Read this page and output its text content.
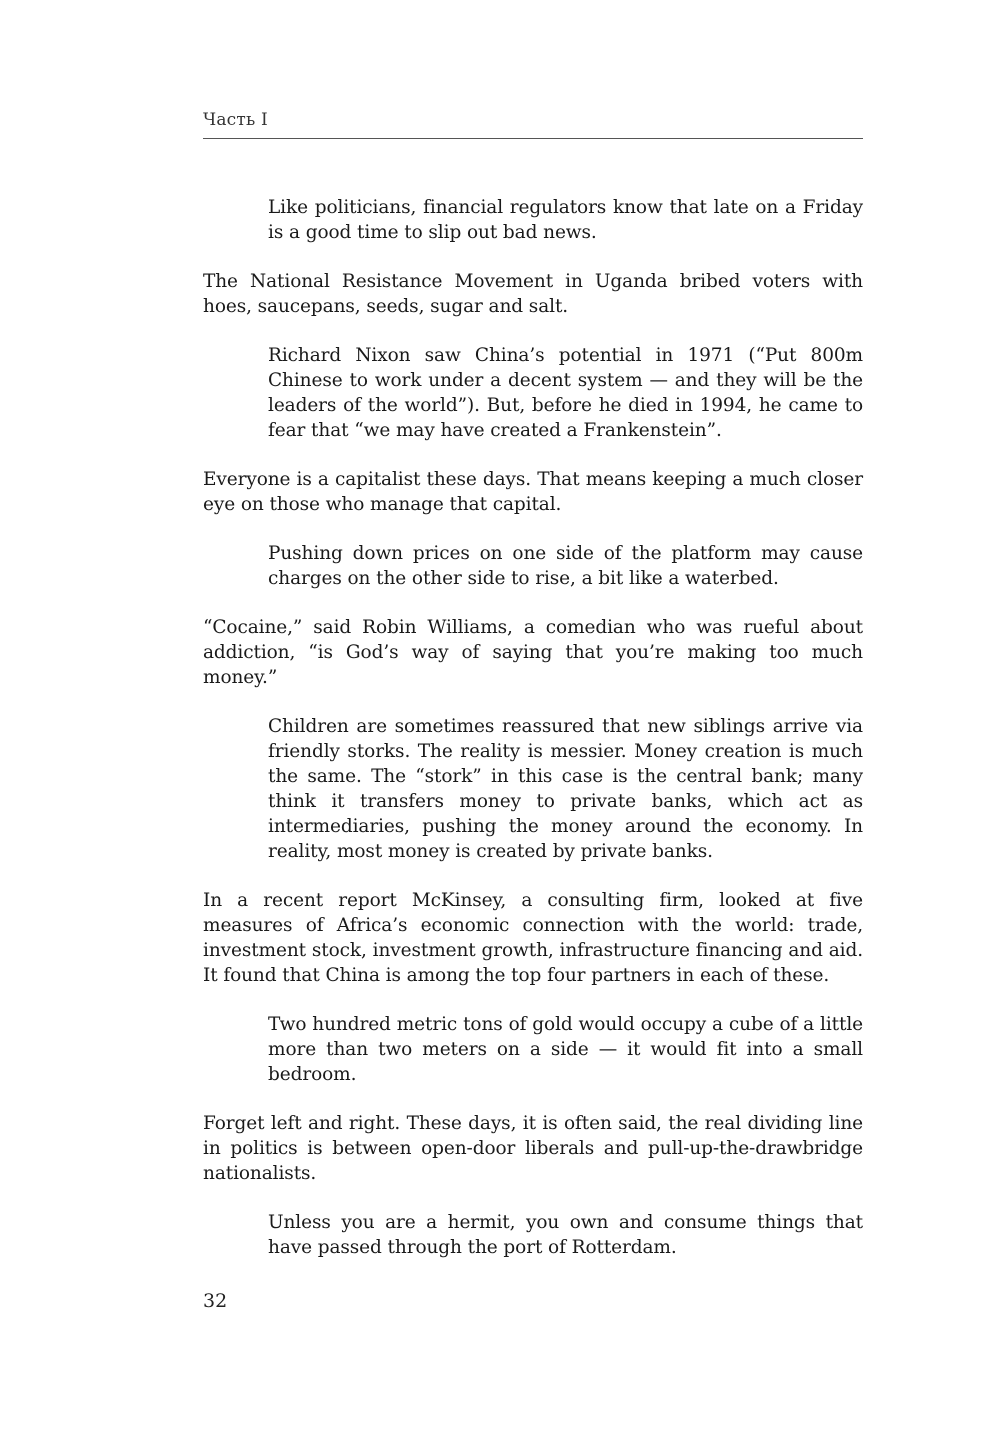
Часть I

Like politicians, financial regulators know that late on a Friday is a good time to slip out bad news.

The National Resistance Movement in Uganda bribed voters with hoes, saucepans, seeds, sugar and salt.

Richard Nixon saw China’s potential in 1971 (“Put 800m Chinese to work under a decent system — and they will be the leaders of the world”). But, before he died in 1994, he came to fear that “we may have created a Frankenstein”.

Everyone is a capitalist these days. That means keeping a much closer eye on those who manage that capital.

Pushing down prices on one side of the platform may cause charges on the other side to rise, a bit like a waterbed.

“Cocaine,” said Robin Williams, a comedian who was rueful about addiction, “is God’s way of saying that you’re making too much money.”

Children are sometimes reassured that new siblings arrive via friendly storks. The reality is messier. Money creation is much the same. The “stork” in this case is the central bank; many think it transfers money to private banks, which act as intermediaries, pushing the money around the economy. In reality, most money is created by private banks.

In a recent report McKinsey, a consulting firm, looked at five measures of Africa’s economic connection with the world: trade, investment stock, investment growth, infrastructure financing and aid. It found that China is among the top four partners in each of these.

Two hundred metric tons of gold would occupy a cube of a little more than two meters on a side — it would fit into a small bedroom.

Forget left and right. These days, it is often said, the real dividing line in politics is between open-door liberals and pull-up-the-drawbridge nationalists.

Unless you are a hermit, you own and consume things that have passed through the port of Rotterdam.

32
